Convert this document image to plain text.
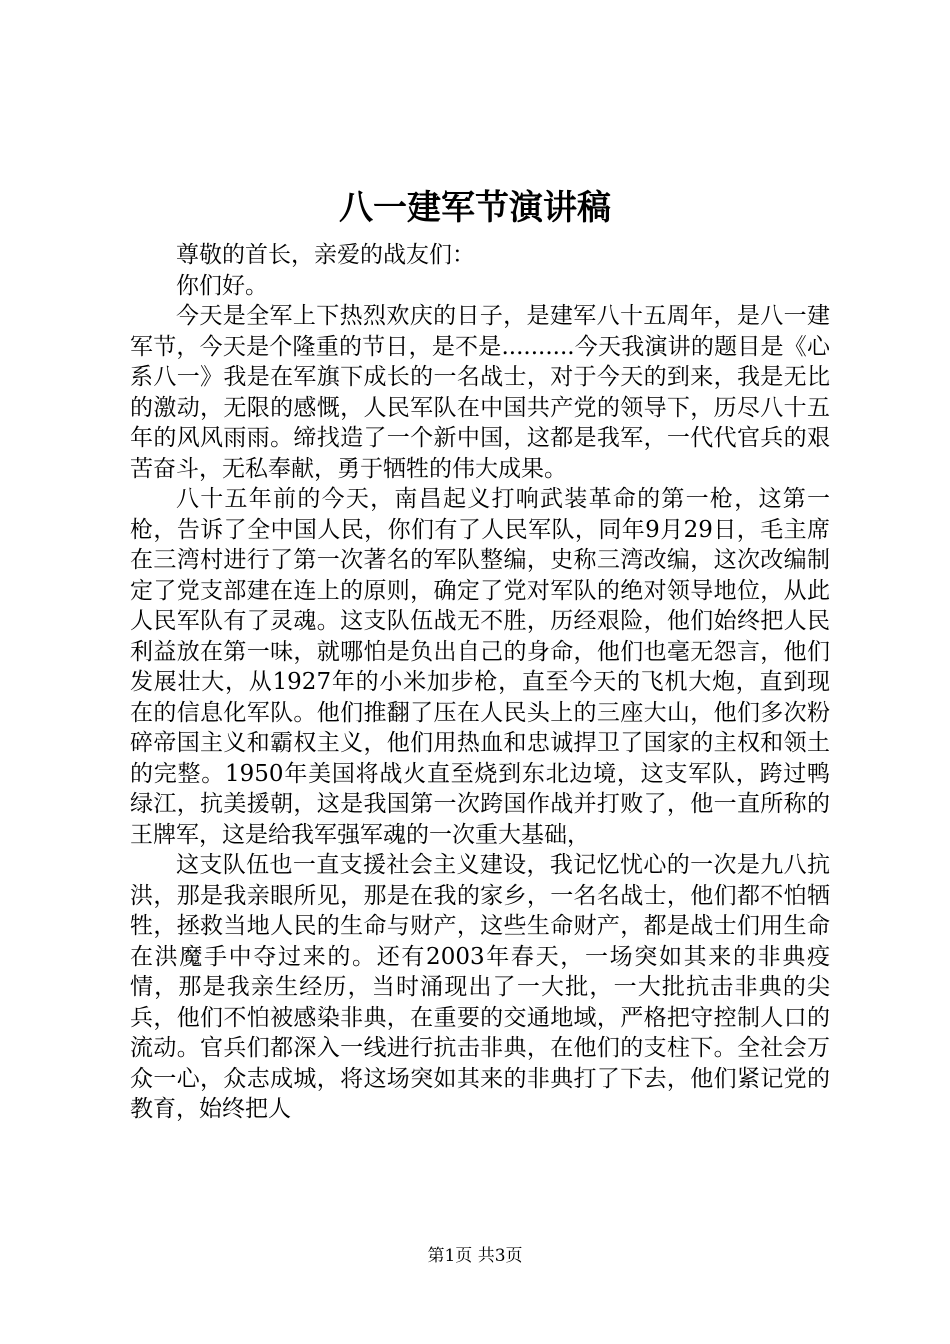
八一建军节演讲稿

尊敬的首长，亲爱的战友们：

你们好。

今天是全军上下热烈欢庆的日子，是建军八十五周年，是八一建军节，今天是个隆重的节日，是不是..........今天我演讲的题目是《心系八一》我是在军旗下成长的一名战士，对于今天的到来，我是无比的激动，无限的感慨，人民军队在中国共产党的领导下，历尽八十五年的风风雨雨。缔找造了一个新中国，这都是我军，一代代官兵的艰苦奋斗，无私奉献，勇于牺牲的伟大成果。

八十五年前的今天，南昌起义打响武装革命的第一枪，这第一枪，告诉了全中国人民，你们有了人民军队，同年9月29日，毛主席在三湾村进行了第一次著名的军队整编，史称三湾改编，这次改编制定了党支部建在连上的原则，确定了党对军队的绝对领导地位，从此人民军队有了灵魂。这支队伍战无不胜，历经艰险，他们始终把人民利益放在第一味，就哪怕是负出自己的身命，他们也毫无怨言，他们发展壮大，从1927年的小米加步枪，直至今天的飞机大炮，直到现在的信息化军队。他们推翻了压在人民头上的三座大山，他们多次粉碎帝国主义和霸权主义，他们用热血和忠诚捍卫了国家的主权和领土的完整。1950年美国将战火直至烧到东北边境，这支军队，跨过鸭绿江，抗美援朝，这是我国第一次跨国作战并打败了，他一直所称的王牌军，这是给我军强军魂的一次重大基础，

这支队伍也一直支援社会主义建设，我记忆忧心的一次是九八抗洪，那是我亲眼所见，那是在我的家乡，一名名战士，他们都不怕牺牲，拯救当地人民的生命与财产，这些生命财产，都是战士们用生命在洪魔手中夺过来的。还有2003年春天，一场突如其来的非典疫情，那是我亲生经历，当时涌现出了一大批，一大批抗击非典的尖兵，他们不怕被感染非典，在重要的交通地域，严格把守控制人口的流动。官兵们都深入一线进行抗击非典，在他们的支柱下。全社会万众一心，众志成城，将这场突如其来的非典打了下去，他们紧记党的教育，始终把人

第1页 共3页
